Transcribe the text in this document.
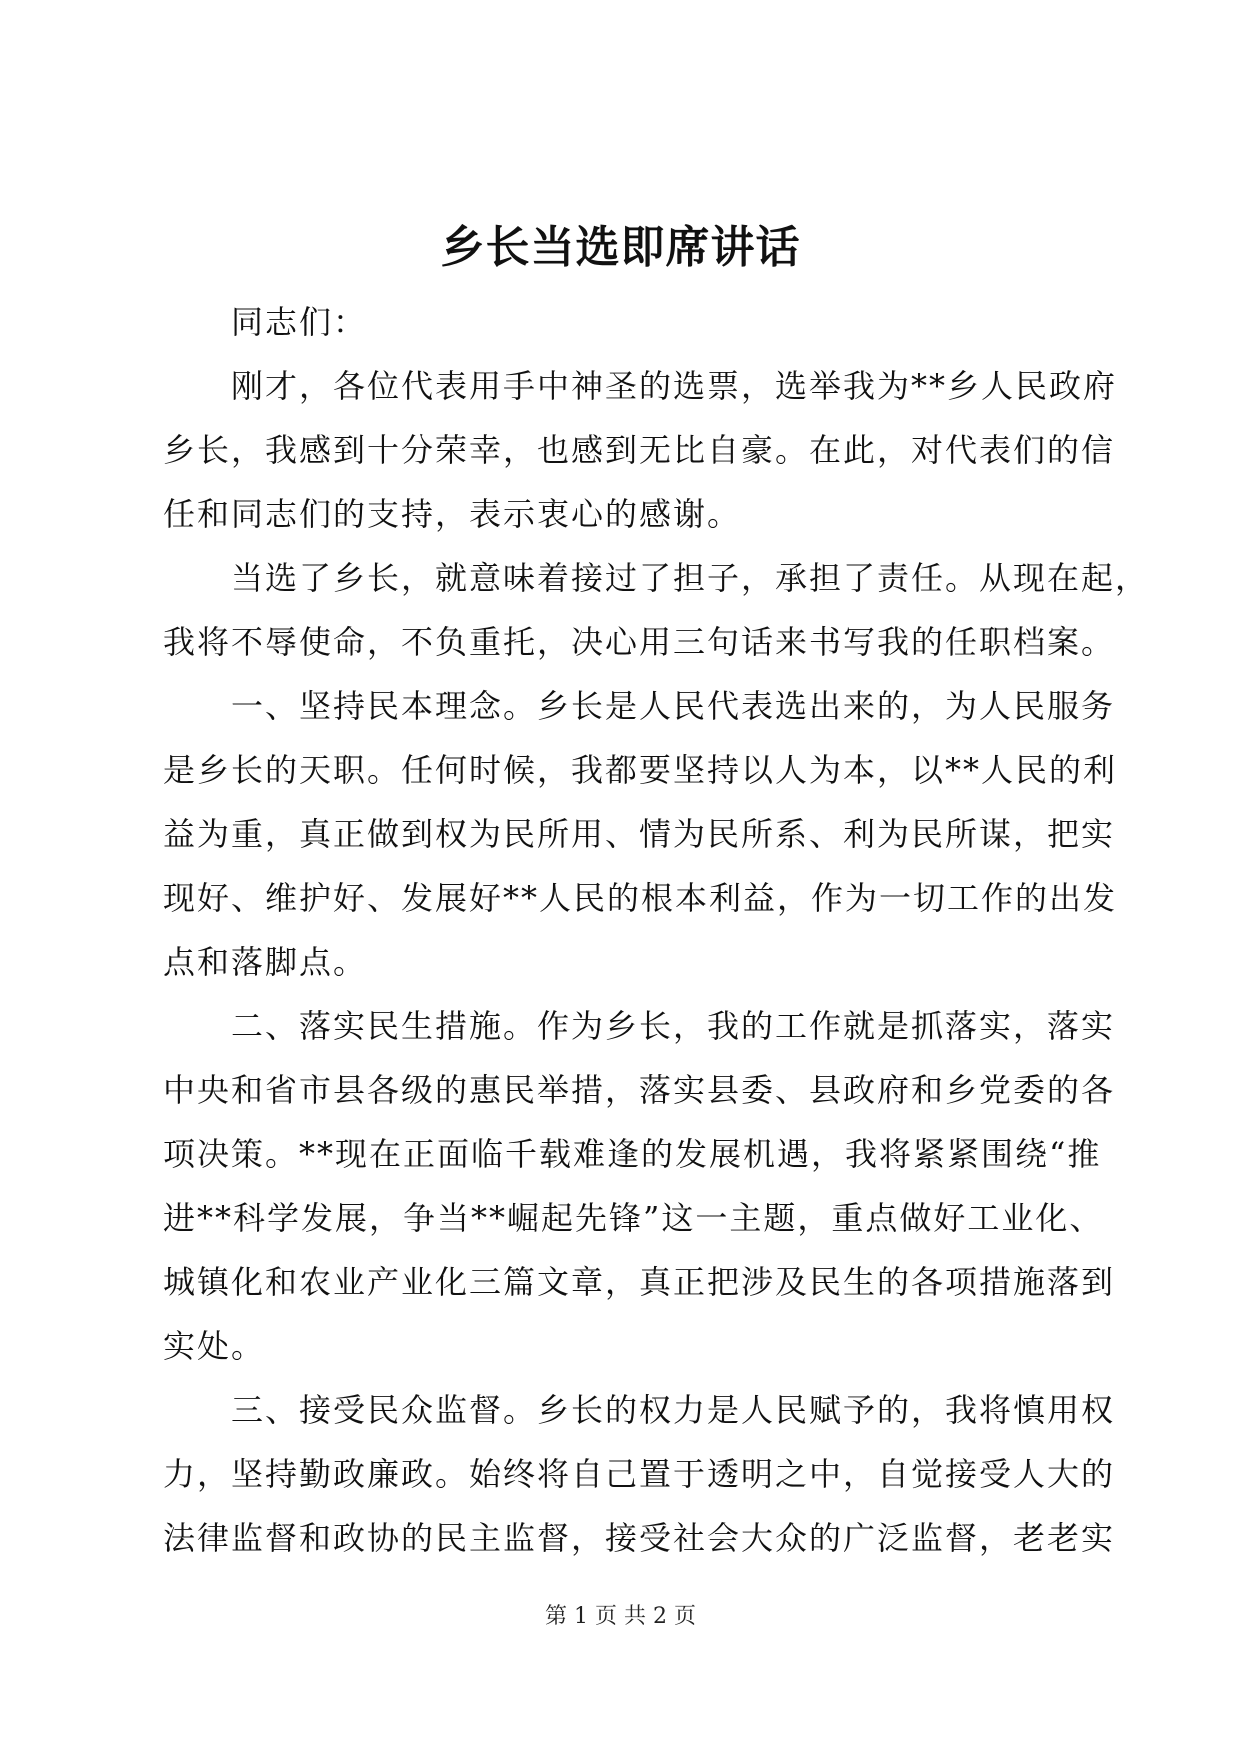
乡长当选即席讲话

同志们：

刚才，各位代表用手中神圣的选票，选举我为**乡人民政府
乡长，我感到十分荣幸，也感到无比自豪。在此，对代表们的信
任和同志们的支持，表示衷心的感谢。

当选了乡长，就意味着接过了担子，承担了责任。从现在起，
我将不辱使命，不负重托，决心用三句话来书写我的任职档案。

一、坚持民本理念。乡长是人民代表选出来的，为人民服务
是乡长的天职。任何时候，我都要坚持以人为本，以**人民的利
益为重，真正做到权为民所用、情为民所系、利为民所谋，把实
现好、维护好、发展好**人民的根本利益，作为一切工作的出发
点和落脚点。

二、落实民生措施。作为乡长，我的工作就是抓落实，落实
中央和省市县各级的惠民举措，落实县委、县政府和乡党委的各
项决策。**现在正面临千载难逢的发展机遇，我将紧紧围绕“推
进**科学发展，争当**崛起先锋”这一主题，重点做好工业化、
城镇化和农业产业化三篇文章，真正把涉及民生的各项措施落到
实处。

三、接受民众监督。乡长的权力是人民赋予的，我将慎用权
力，坚持勤政廉政。始终将自己置于透明之中，自觉接受人大的
法律监督和政协的民主监督，接受社会大众的广泛监督，老老实

第 1 页 共 2 页
